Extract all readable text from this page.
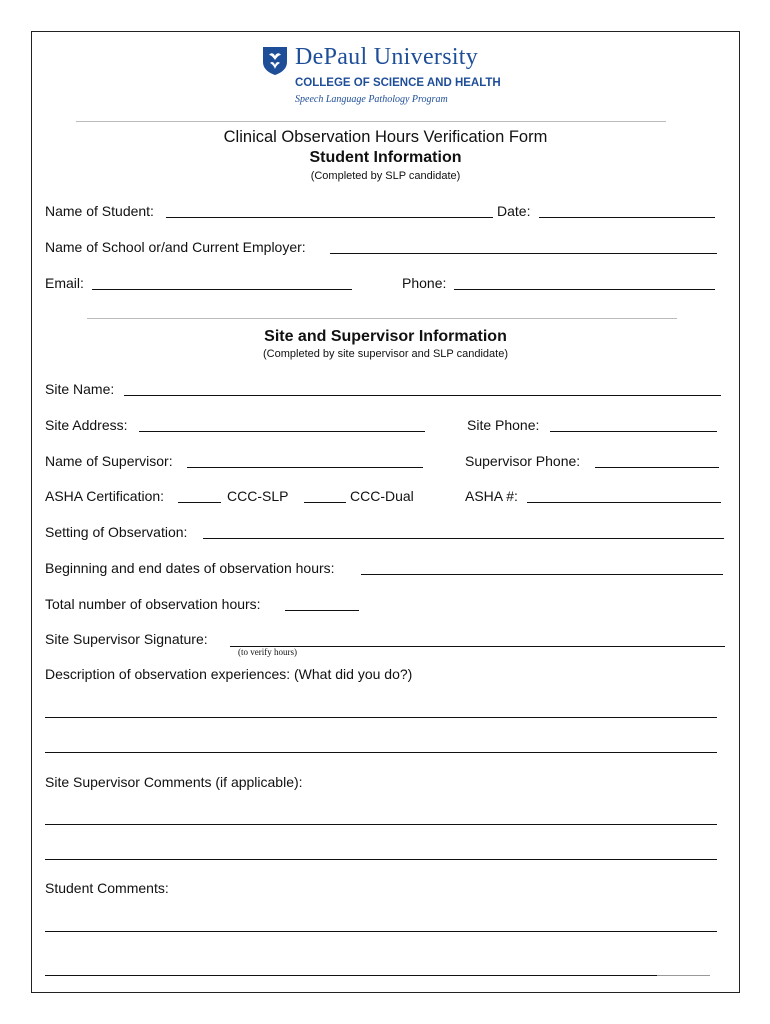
DePaul University
COLLEGE OF SCIENCE AND HEALTH
Speech Language Pathology Program
Clinical Observation Hours Verification Form
Student Information
(Completed by SLP candidate)
Name of Student:	Date:
Name of School or/and Current Employer:
Email:	Phone:
Site and Supervisor Information
(Completed by site supervisor and SLP candidate)
Site Name:
Site Address:	Site Phone:
Name of Supervisor:	Supervisor Phone:
ASHA Certification:	CCC-SLP	CCC-Dual	ASHA #:
Setting of Observation:
Beginning and end dates of observation hours:
Total number of observation hours:
Site Supervisor Signature:
(to verify hours)
Description of observation experiences: (What did you do?)
Site Supervisor Comments (if applicable):
Student Comments:
